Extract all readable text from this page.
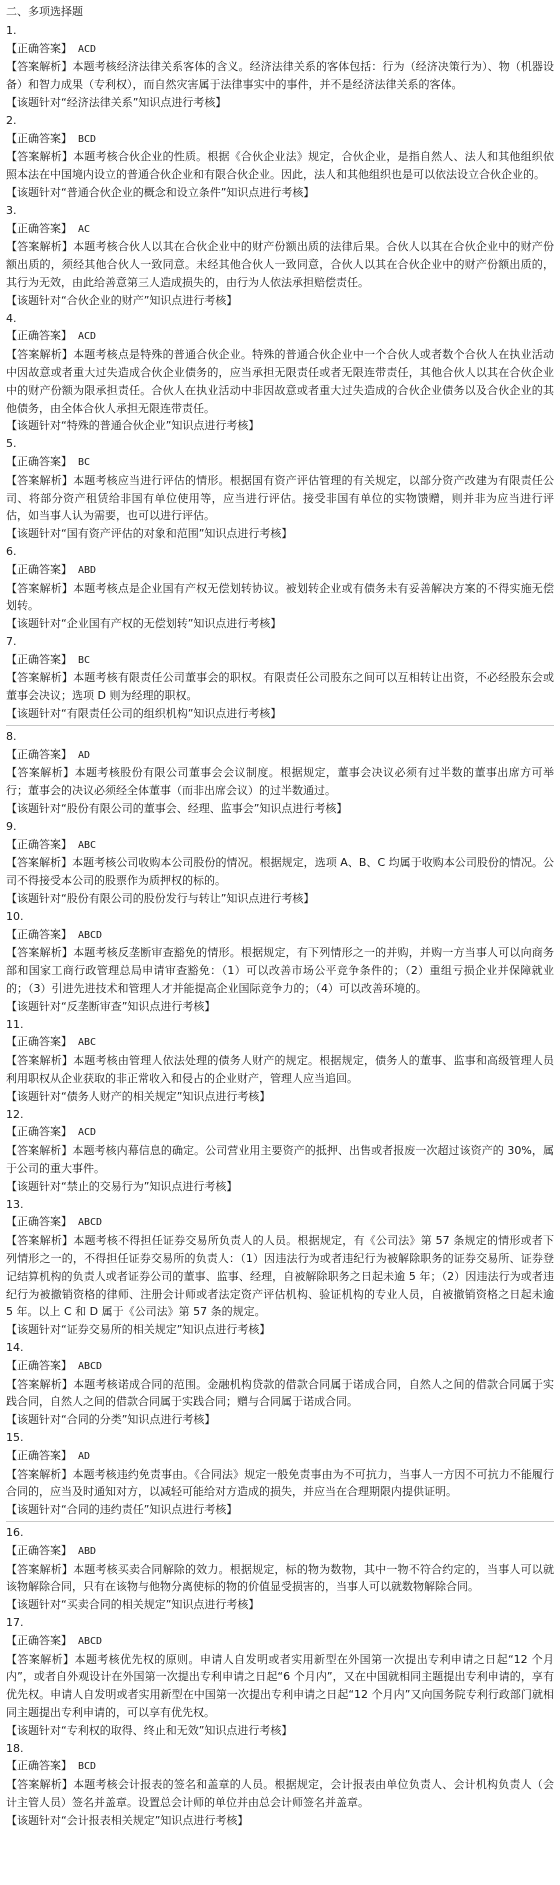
二、多项选择题
1.
【正确答案】 ACD
【答案解析】本题考核经济法律关系客体的含义。经济法律关系的客体包括：行为（经济决策行为）、物（机器设备）和智力成果（专利权），而自然灾害属于法律事实中的事件，并不是经济法律关系的客体。
【该题针对“经济法律关系”知识点进行考核】
2.
【正确答案】 BCD
【答案解析】本题考核合伙企业的性质。根据《合伙企业法》规定，合伙企业，是指自然人、法人和其他组织依照本法在中国境内设立的普通合伙企业和有限合伙企业。因此，法人和其他组织也是可以依法设立合伙企业的。
【该题针对“普通合伙企业的概念和设立条件”知识点进行考核】
3.
【正确答案】 AC
【答案解析】本题考核合伙人以其在合伙企业中的财产份额出质的法律后果。合伙人以其在合伙企业中的财产份额出质的，须经其他合伙人一致同意。未经其他合伙人一致同意，合伙人以其在合伙企业中的财产份额出质的，其行为无效，由此给善意第三人造成损失的，由行为人依法承担赔偿责任。
【该题针对“合伙企业的财产”知识点进行考核】
4.
【正确答案】 ACD
【答案解析】本题考核点是特殊的普通合伙企业。特殊的普通合伙企业中一个合伙人或者数个合伙人在执业活动中因故意或者重大过失造成合伙企业债务的，应当承担无限责任或者无限连带责任，其他合伙人以其在合伙企业中的财产份额为限承担责任。合伙人在执业活动中非因故意或者重大过失造成的合伙企业债务以及合伙企业的其他债务，由全体合伙人承担无限连带责任。
【该题针对“特殊的普通合伙企业”知识点进行考核】
5.
【正确答案】 BC
【答案解析】本题考核应当进行评估的情形。根据国有资产评估管理的有关规定，以部分资产改建为有限责任公司、将部分资产租赁给非国有单位使用等，应当进行评估。接受非国有单位的实物馈赠，则并非为应当进行评估，如当事人认为需要，也可以进行评估。
【该题针对“国有资产评估的对象和范围”知识点进行考核】
6.
【正确答案】 ABD
【答案解析】本题考核点是企业国有产权无偿划转协议。被划转企业或有债务未有妥善解决方案的不得实施无偿划转。
【该题针对“企业国有产权的无偿划转”知识点进行考核】
7.
【正确答案】 BC
【答案解析】本题考核有限责任公司董事会的职权。有限责任公司股东之间可以互相转让出资，不必经股东会或董事会决议；选项 D 则为经理的职权。
【该题针对“有限责任公司的组织机构”知识点进行考核】
8.
【正确答案】 AD
【答案解析】本题考核股份有限公司董事会会议制度。根据规定，董事会决议必须有过半数的董事出席方可举行；董事会的决议必须经全体董事（而非出席会议）的过半数通过。
【该题针对“股份有限公司的董事会、经理、监事会”知识点进行考核】
9.
【正确答案】 ABC
【答案解析】本题考核公司收购本公司股份的情况。根据规定，选项 A、B、C 均属于收购本公司股份的情况。公司不得接受本公司的股票作为质押权的标的。
【该题针对“股份有限公司的股份发行与转让”知识点进行考核】
10.
【正确答案】 ABCD
【答案解析】本题考核反垄断审查豁免的情形。根据规定，有下列情形之一的并购，并购一方当事人可以向商务部和国家工商行政管理总局申请审查豁免：（1）可以改善市场公平竞争条件的；（2）重组亏损企业并保障就业的；（3）引进先进技术和管理人才并能提高企业国际竞争力的；（4）可以改善环境的。
【该题针对“反垄断审查”知识点进行考核】
11.
【正确答案】 ABC
【答案解析】本题考核由管理人依法处理的债务人财产的规定。根据规定，债务人的董事、监事和高级管理人员利用职权从企业获取的非正常收入和侵占的企业财产，管理人应当追回。
【该题针对“债务人财产的相关规定”知识点进行考核】
12.
【正确答案】 ACD
【答案解析】本题考核内幕信息的确定。公司营业用主要资产的抵押、出售或者报废一次超过该资产的 30%，属于公司的重大事件。
【该题针对“禁止的交易行为”知识点进行考核】
13.
【正确答案】 ABCD
【答案解析】本题考核不得担任证券交易所负责人的人员。根据规定，有《公司法》第 57 条规定的情形或者下列情形之一的，不得担任证券交易所的负责人：（1）因违法行为或者违纪行为被解除职务的证券交易所、证券登记结算机构的负责人或者证券公司的董事、监事、经理，自被解除职务之日起未逾 5 年；（2）因违法行为或者违纪行为被撤销资格的律师、注册会计师或者法定资产评估机构、验证机构的专业人员，自被撤销资格之日起未逾 5 年。以上 C 和 D 属于《公司法》第 57 条的规定。
【该题针对“证券交易所的相关规定”知识点进行考核】
14.
【正确答案】 ABCD
【答案解析】本题考核诺成合同的范围。金融机构贷款的借款合同属于诺成合同，自然人之间的借款合同属于实践合同，自然人之间的借款合同属于实践合同；赠与合同属于诺成合同。
【该题针对“合同的分类”知识点进行考核】
15.
【正确答案】 AD
【答案解析】本题考核违约免责事由。《合同法》规定一般免责事由为不可抗力，当事人一方因不可抗力不能履行合同的，应当及时通知对方，以减轻可能给对方造成的损失，并应当在合理期限内提供证明。
【该题针对“合同的违约责任”知识点进行考核】
16.
【正确答案】 ABD
【答案解析】本题考核买卖合同解除的效力。根据规定，标的物为数物，其中一物不符合约定的，当事人可以就该物解除合同，只有在该物与他物分离使标的物的价值显受损害的，当事人可以就数物解除合同。
【该题针对“买卖合同的相关规定”知识点进行考核】
17.
【正确答案】 ABCD
【答案解析】本题考核优先权的原则。申请人自发明或者实用新型在外国第一次提出专利申请之日起“12 个月内”，或者自外观设计在外国第一次提出专利申请之日起“6 个月内”，又在中国就相同主题提出专利申请的，享有优先权。申请人自发明或者实用新型在中国第一次提出专利申请之日起“12 个月内”又向国务院专利行政部门就相同主题提出专利申请的，可以享有优先权。
【该题针对“专利权的取得、终止和无效”知识点进行考核】
18.
【正确答案】 BCD
【答案解析】本题考核会计报表的签名和盖章的人员。根据规定，会计报表由单位负责人、会计机构负责人（会计主管人员）签名并盖章。设置总会计师的单位并由总会计师签名并盖章。
【该题针对“会计报表相关规定”知识点进行考核】
